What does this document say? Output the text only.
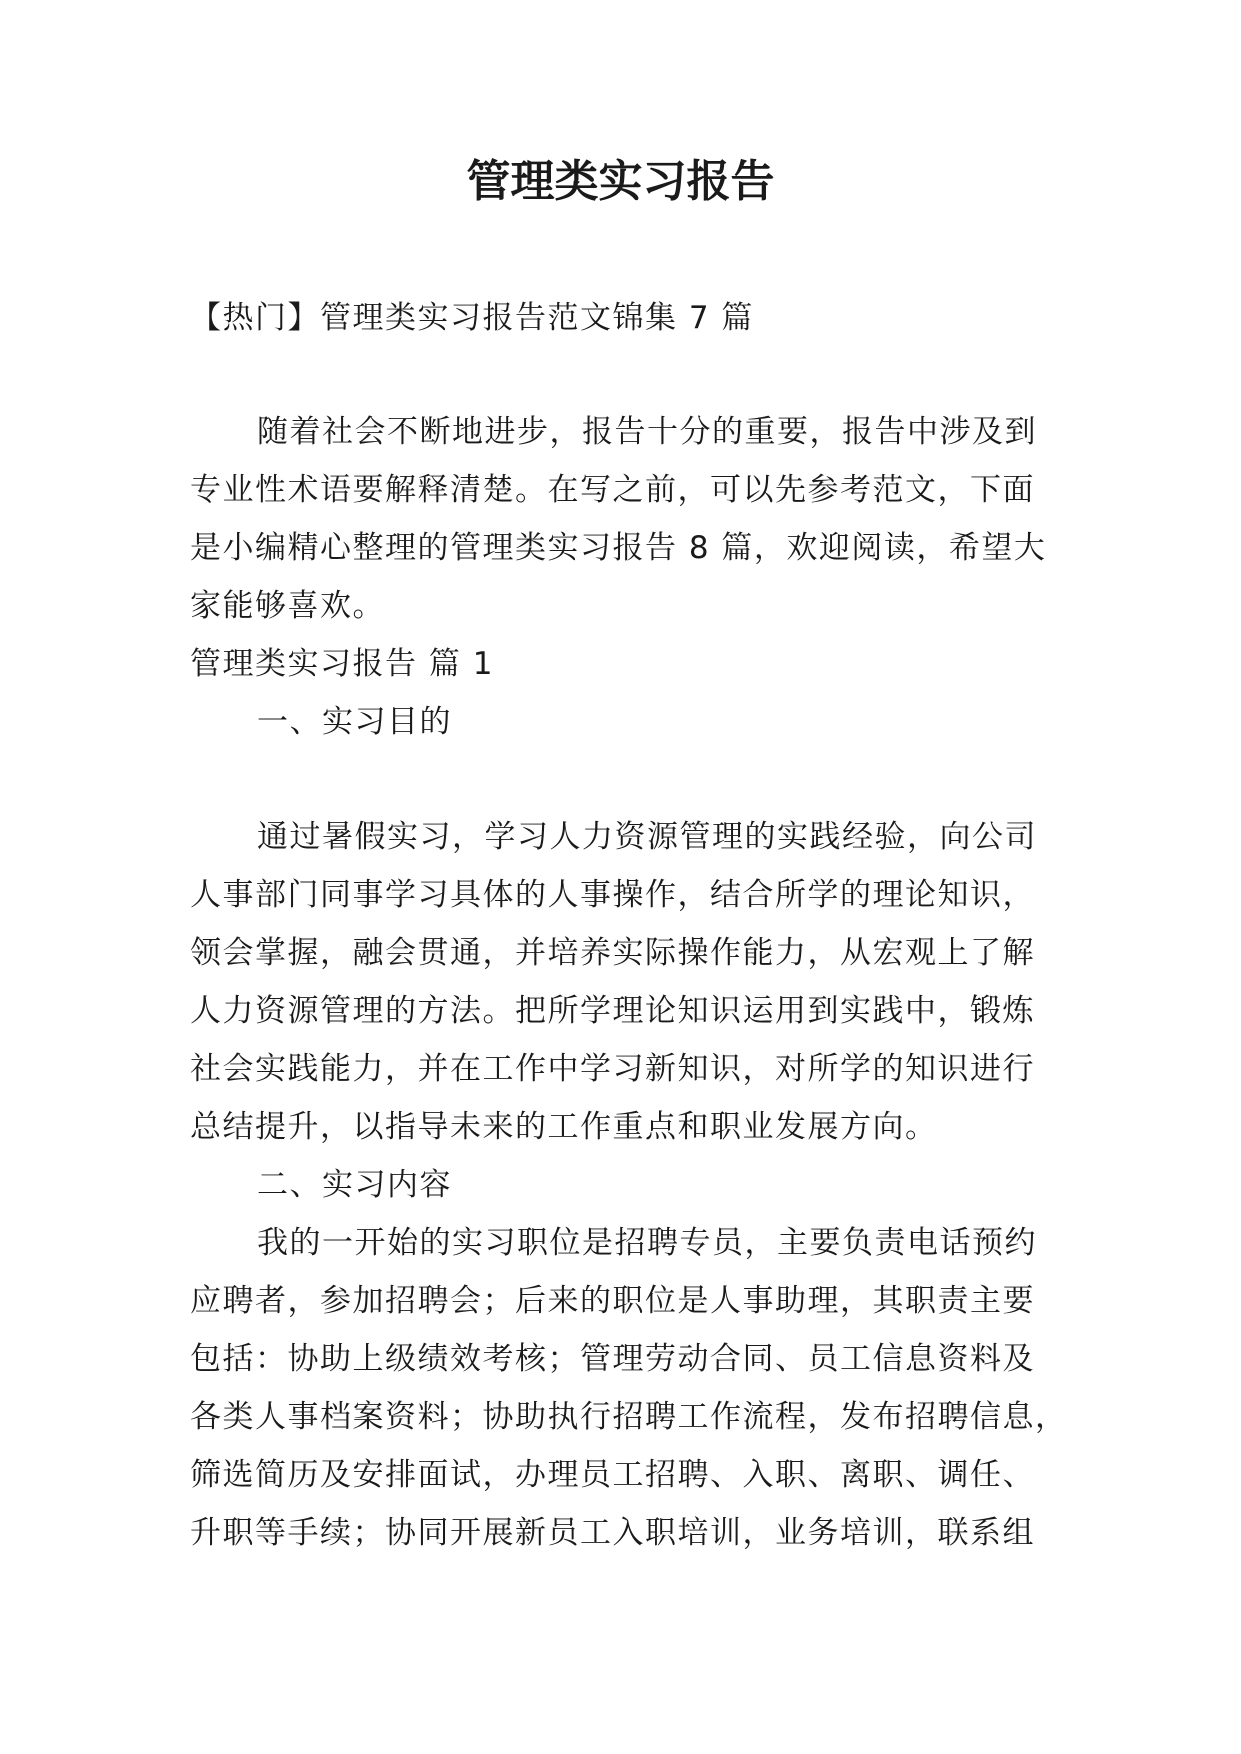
管理类实习报告
【热门】管理类实习报告范文锦集 7 篇
随着社会不断地进步，报告十分的重要，报告中涉及到
专业性术语要解释清楚。在写之前，可以先参考范文，下面
是小编精心整理的管理类实习报告 8 篇，欢迎阅读，希望大
家能够喜欢。
管理类实习报告 篇 1
一、实习目的
通过暑假实习，学习人力资源管理的实践经验，向公司
人事部门同事学习具体的人事操作，结合所学的理论知识，
领会掌握，融会贯通，并培养实际操作能力，从宏观上了解
人力资源管理的方法。把所学理论知识运用到实践中，锻炼
社会实践能力，并在工作中学习新知识，对所学的知识进行
总结提升，以指导未来的工作重点和职业发展方向。
二、实习内容
我的一开始的实习职位是招聘专员，主要负责电话预约
应聘者，参加招聘会；后来的职位是人事助理，其职责主要
包括：协助上级绩效考核；管理劳动合同、员工信息资料及
各类人事档案资料；协助执行招聘工作流程，发布招聘信息，
筛选简历及安排面试，办理员工招聘、入职、离职、调任、
升职等手续；协同开展新员工入职培训，业务培训，联系组
